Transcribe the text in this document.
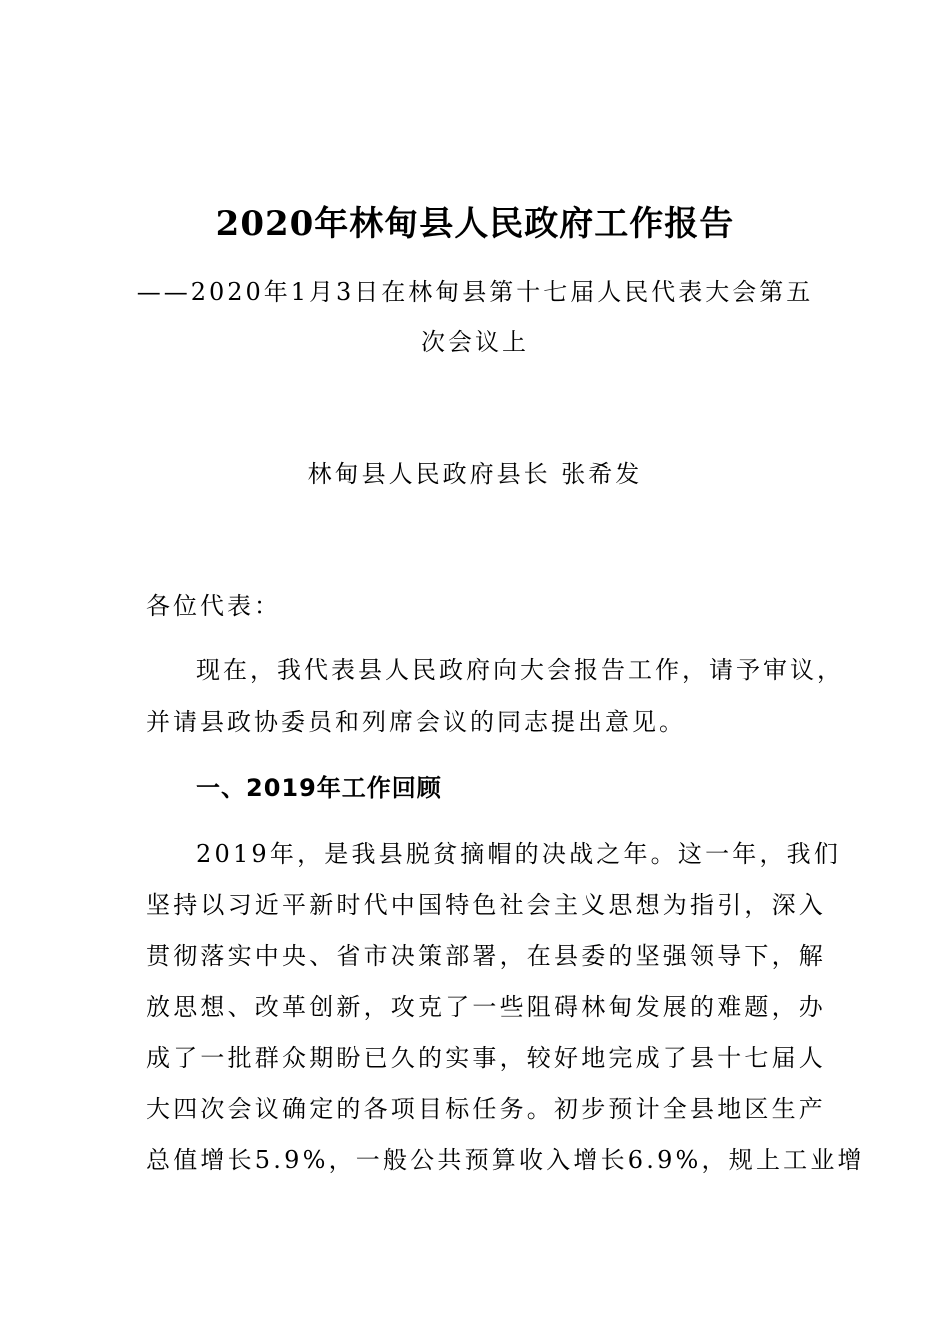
2020年林甸县人民政府工作报告
——2020年1月3日在林甸县第十七届人民代表大会第五
次会议上
林甸县人民政府县长 张希发
各位代表：
现在，我代表县人民政府向大会报告工作，请予审议，
并请县政协委员和列席会议的同志提出意见。
一、2019年工作回顾
2019年，是我县脱贫摘帽的决战之年。这一年，我们
坚持以习近平新时代中国特色社会主义思想为指引，深入
贯彻落实中央、省市决策部署，在县委的坚强领导下，解
放思想、改革创新，攻克了一些阻碍林甸发展的难题，办
成了一批群众期盼已久的实事，较好地完成了县十七届人
大四次会议确定的各项目标任务。初步预计全县地区生产
总值增长5.9%，一般公共预算收入增长6.9%，规上工业增
